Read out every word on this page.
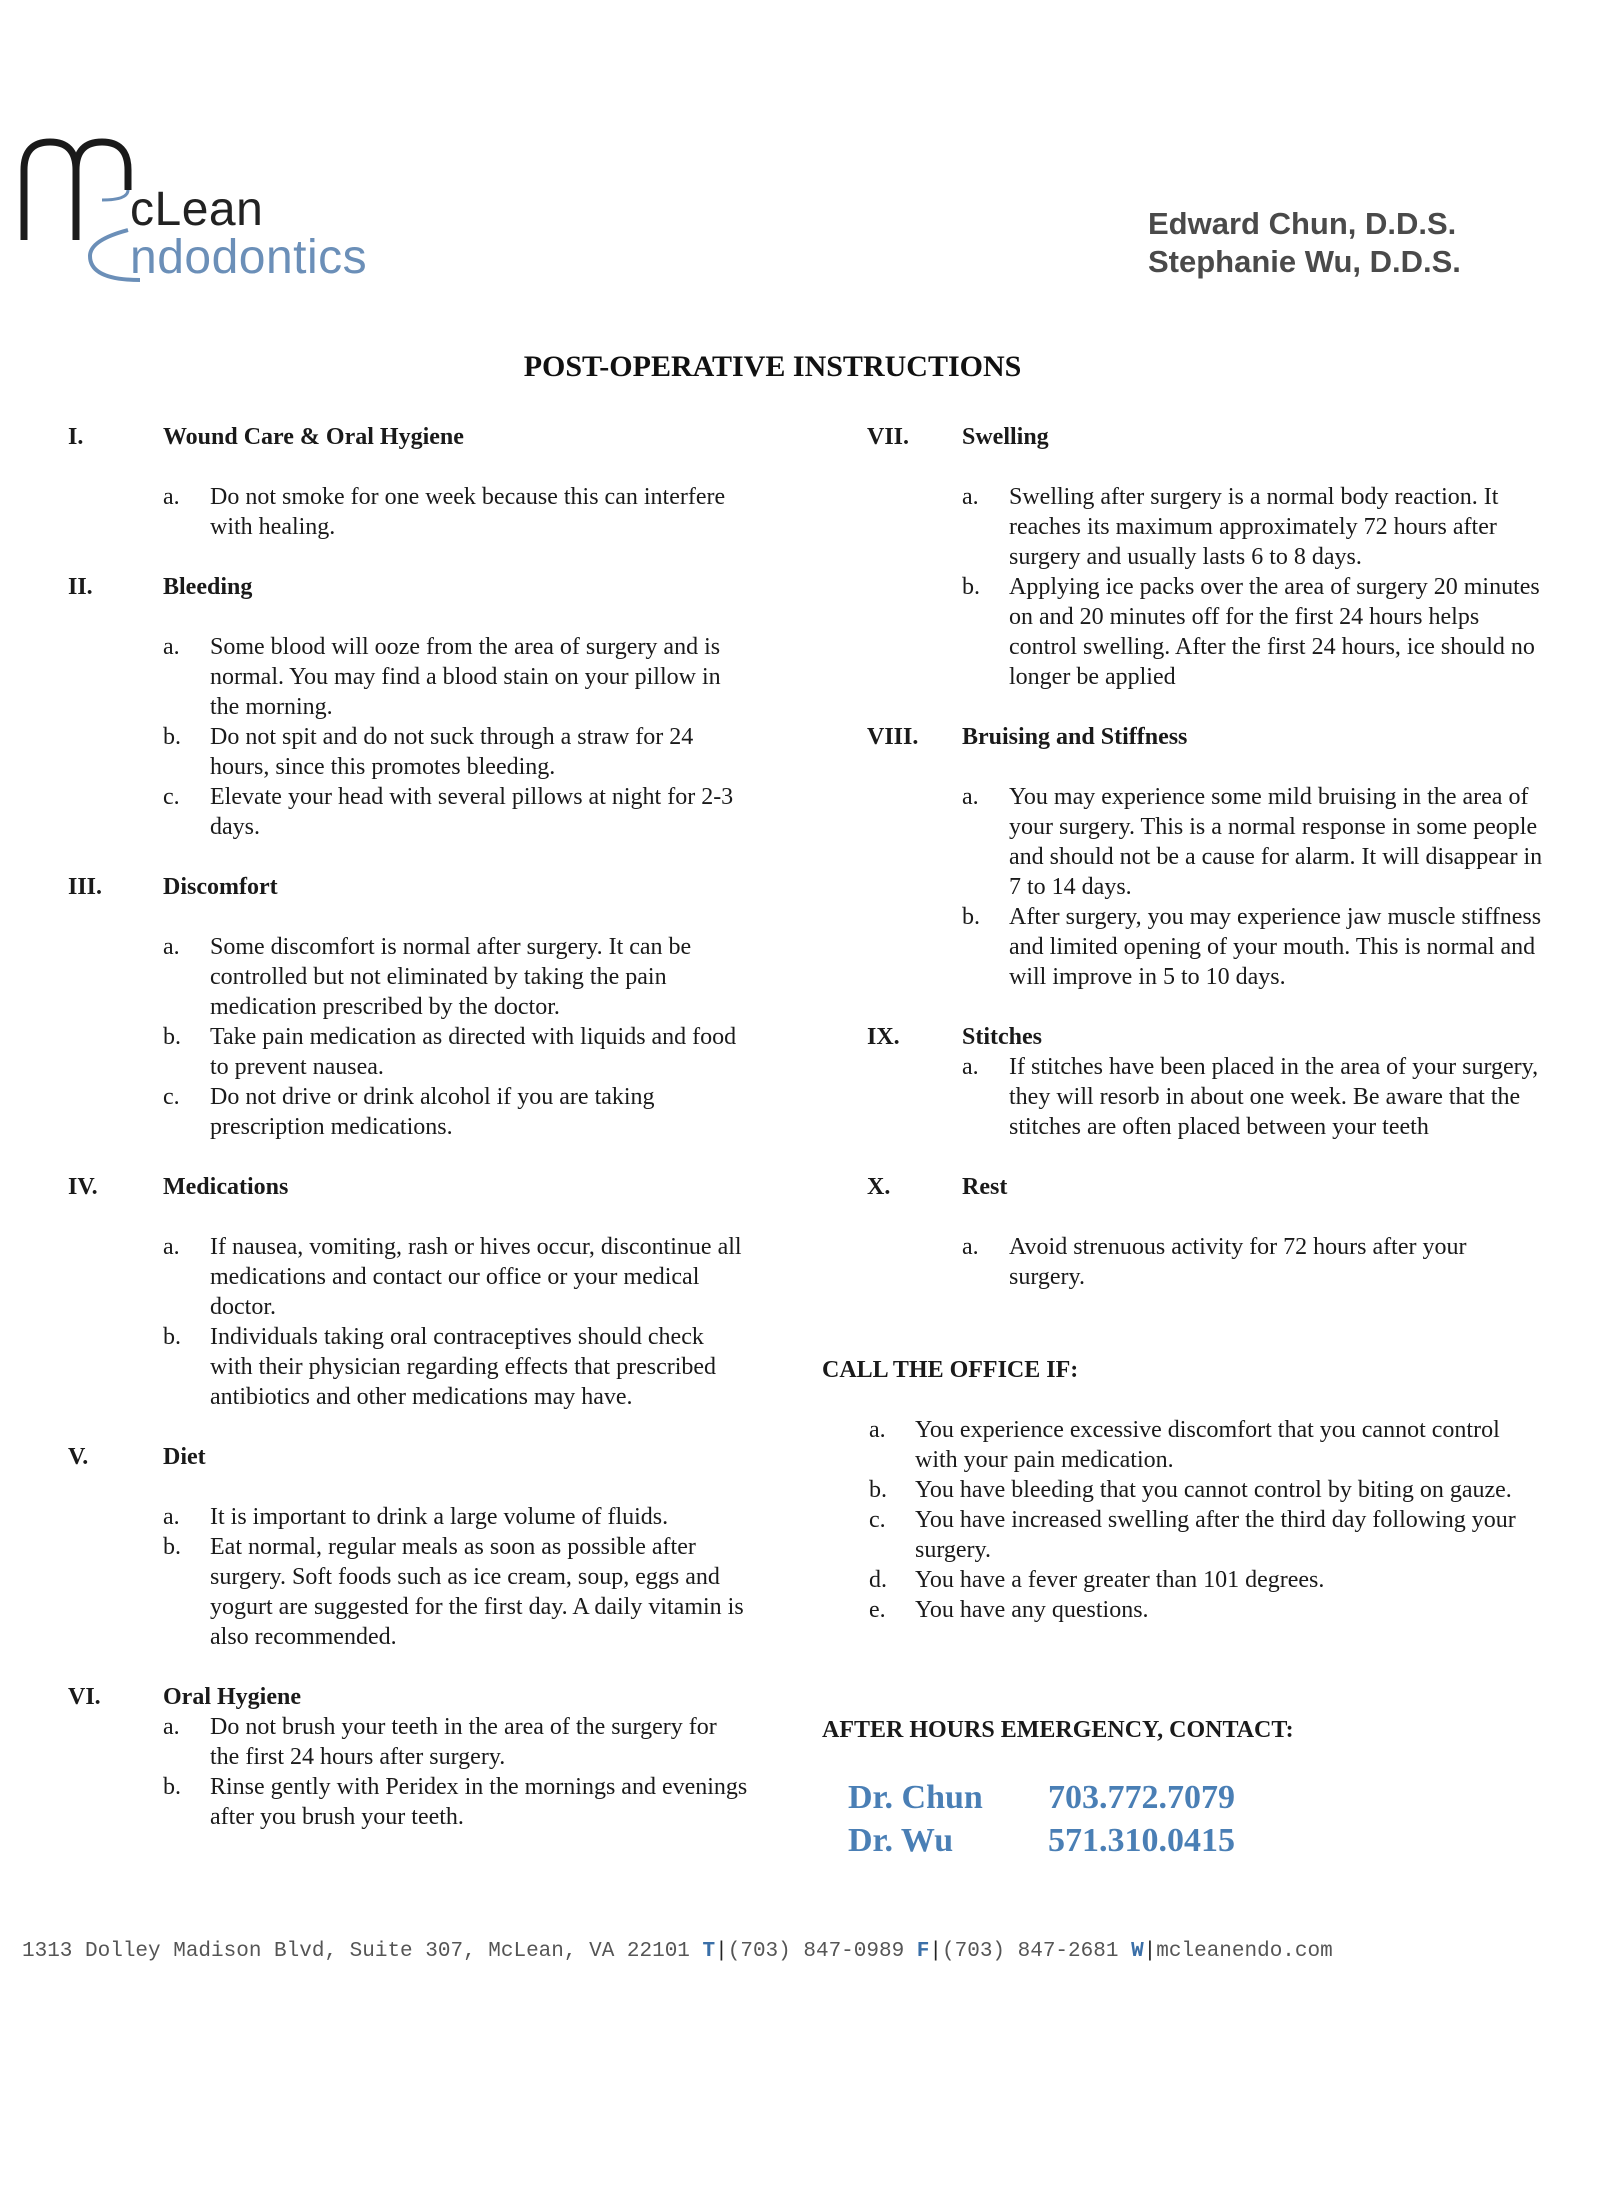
cLean
ndodontics
Edward Chun, D.D.S.
Stephanie Wu, D.D.S.
POST-OPERATIVE INSTRUCTIONS
I.	Wound Care & Oral Hygiene
a.	Do not smoke for one week because this can interfere with healing.
II.	Bleeding
a.	Some blood will ooze from the area of surgery and is normal. You may find a blood stain on your pillow in the morning.
b.	Do not spit and do not suck through a straw for 24 hours, since this promotes bleeding.
c.	Elevate your head with several pillows at night for 2-3 days.
III.	Discomfort
a.	Some discomfort is normal after surgery. It can be controlled but not eliminated by taking the pain medication prescribed by the doctor.
b.	Take pain medication as directed with liquids and food to prevent nausea.
c.	Do not drive or drink alcohol if you are taking prescription medications.
IV.	Medications
a.	If nausea, vomiting, rash or hives occur, discontinue all medications and contact our office or your medical doctor.
b.	Individuals taking oral contraceptives should check with their physician regarding effects that prescribed antibiotics and other medications may have.
V.	Diet
a.	It is important to drink a large volume of fluids.
b.	Eat normal, regular meals as soon as possible after surgery. Soft foods such as ice cream, soup, eggs and yogurt are suggested for the first day. A daily vitamin is also recommended.
VI.	Oral Hygiene
a.	Do not brush your teeth in the area of the surgery for the first 24 hours after surgery.
b.	Rinse gently with Peridex in the mornings and evenings after you brush your teeth.
VII.	Swelling
a.	Swelling after surgery is a normal body reaction. It reaches its maximum approximately 72 hours after surgery and usually lasts 6 to 8 days.
b.	Applying ice packs over the area of surgery 20 minutes on and 20 minutes off for the first 24 hours helps control swelling. After the first 24 hours, ice should no longer be applied
VIII.	Bruising and Stiffness
a.	You may experience some mild bruising in the area of your surgery. This is a normal response in some people and should not be a cause for alarm. It will disappear in 7 to 14 days.
b.	After surgery, you may experience jaw muscle stiffness and limited opening of your mouth. This is normal and will improve in 5 to 10 days.
IX.	Stitches
a.	If stitches have been placed in the area of your surgery, they will resorb in about one week. Be aware that the stitches are often placed between your teeth
X.	Rest
a.	Avoid strenuous activity for 72 hours after your surgery.
CALL THE OFFICE IF:
a.	You experience excessive discomfort that you cannot control with your pain medication.
b.	You have bleeding that you cannot control by biting on gauze.
c.	You have increased swelling after the third day following your surgery.
d.	You have a fever greater than 101 degrees.
e.	You have any questions.
AFTER HOURS EMERGENCY, CONTACT:
Dr. Chun	703.772.7079
Dr. Wu	571.310.0415
1313 Dolley Madison Blvd, Suite 307, McLean, VA 22101 T|(703) 847-0989 F|(703) 847-2681 W|mcleanendo.com
